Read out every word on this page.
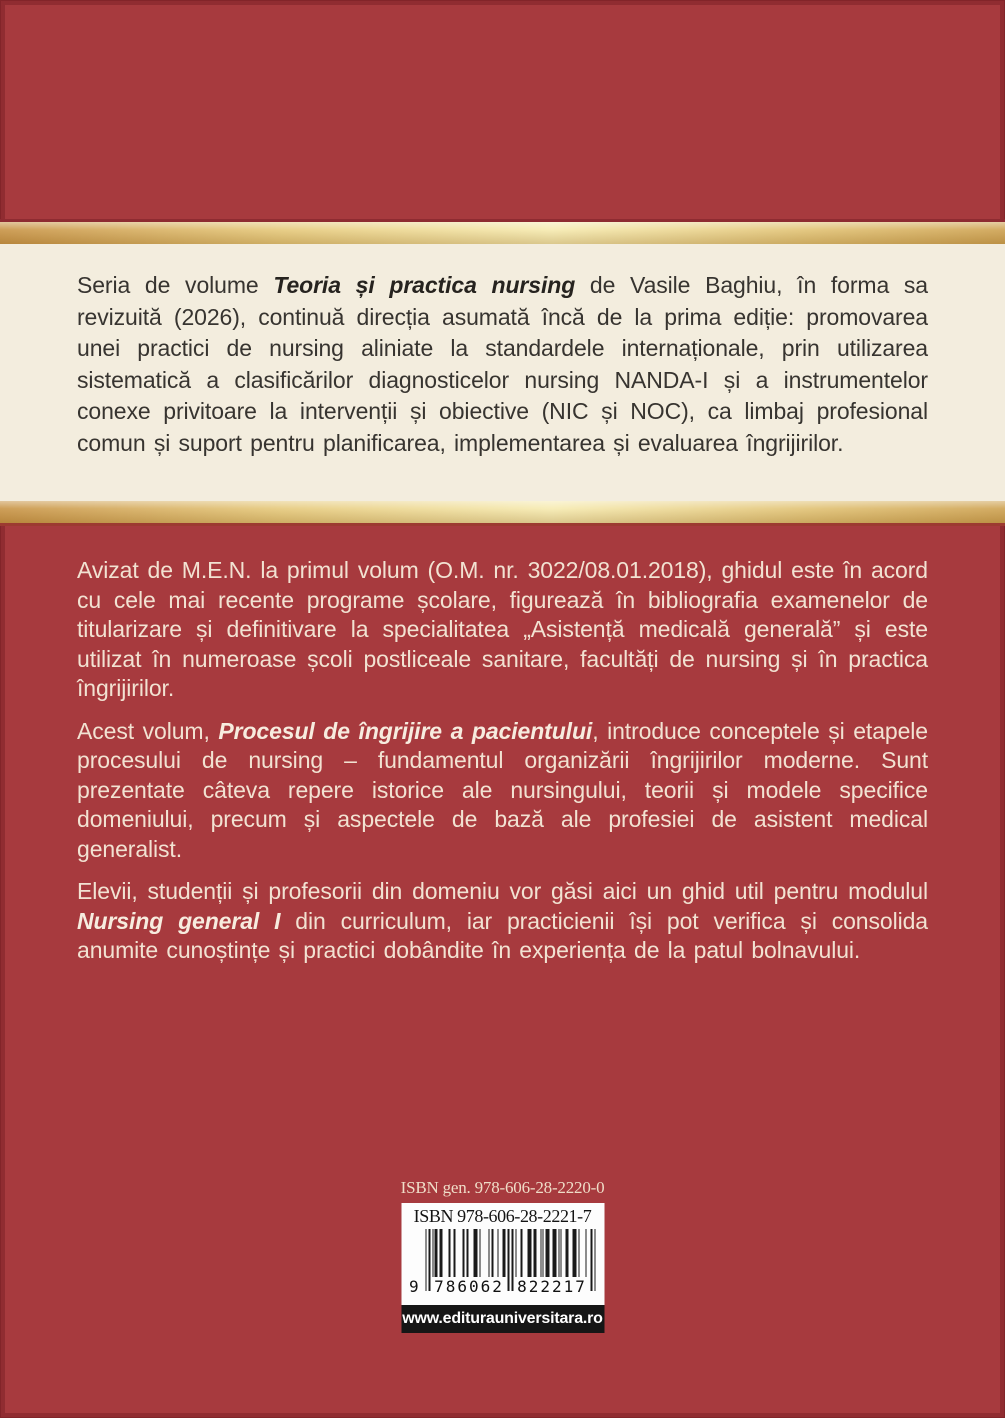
Seria de volume Teoria și practica nursing de Vasile Baghiu, în forma sa revizuită (2026), continuă direcția asumată încă de la prima ediție: promovarea unei practici de nursing aliniate la standardele internaționale, prin utilizarea sistematică a clasificărilor diagnosticelor nursing NANDA-I și a instrumentelor conexe privitoare la intervenții și obiective (NIC și NOC), ca limbaj profesional comun și suport pentru planificarea, implementarea și evaluarea îngrijirilor.

Avizat de M.E.N. la primul volum (O.M. nr. 3022/08.01.2018), ghidul este în acord cu cele mai recente programe școlare, figurează în bibliografia examenelor de titularizare și definitivare la specialitatea „Asistență medicală generală” și este utilizat în numeroase școli postliceale sanitare, facultăți de nursing și în practica îngrijirilor.

Acest volum, Procesul de îngrijire a pacientului, introduce conceptele și etapele procesului de nursing – fundamentul organizării îngrijirilor moderne. Sunt prezentate câteva repere istorice ale nursingului, teorii și modele specifice domeniului, precum și aspectele de bază ale profesiei de asistent medical generalist.

Elevii, studenții și profesorii din domeniu vor găsi aici un ghid util pentru modulul Nursing general I din curriculum, iar practicienii își pot verifica și consolida anumite cunoștințe și practici dobândite în experiența de la patul bolnavului.

ISBN gen. 978-606-28-2220-0
ISBN 978-606-28-2221-7
9 786062 822217
www.editurauniversitara.ro
